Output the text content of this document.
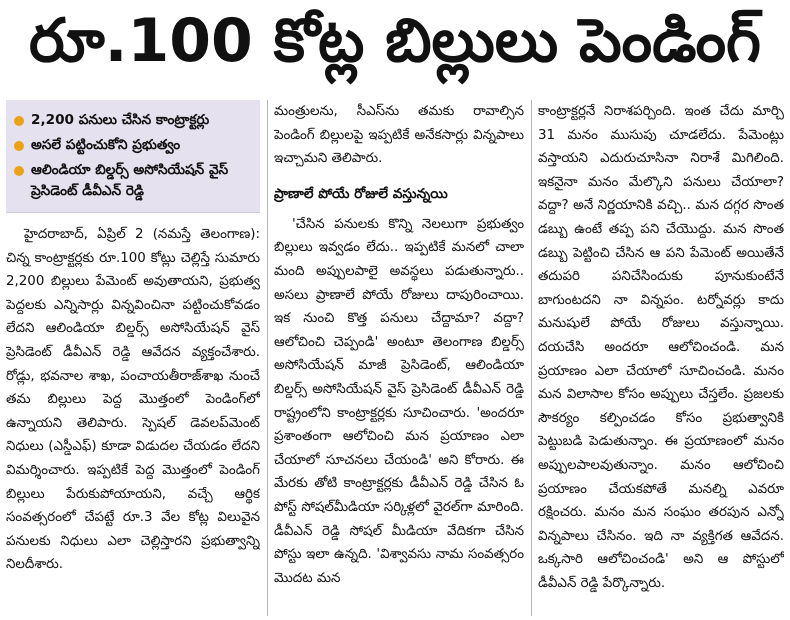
రూ.100 కోట్ల బిల్లులు పెండింగ్
2,200 పనులు చేసిన కాంట్రాక్టర్లు
అసలే పట్టించుకోని ప్రభుత్వం
ఆలిండియా బిల్డర్స్ అసోసియేషన్ వైస్ ప్రెసిడెంట్ డీవీఎన్ రెడ్డి

హైదరాబాద్, ఏప్రిల్ 2 (నమస్తే తెలంగాణ): చిన్న కాంట్రాక్టర్లకు రూ.100 కోట్లు చెల్లిస్తే సుమారు 2,200 బిల్లులు పేమెంట్ అవుతాయని, ప్రభుత్వ పెద్దలకు ఎన్నిసార్లు విన్నవించినా పట్టించుకోవడం లేదని ఆలిండియా బిల్డర్స్ అసోసియేషన్ వైస్ ప్రెసిడెంట్ డీవీఎన్ రెడ్డి ఆవేదన వ్యక్తంచేశారు. రోడ్లు, భవనాల శాఖ, పంచాయతీరాజ్‌శాఖ నుంచే తమ బిల్లులు పెద్ద మొత్తంలో పెండింగ్‌లో ఉన్నాయని తెలిపారు. స్పెషల్ డెవలప్‌మెంట్ నిధులు (ఎస్డీఎఫ్) కూడా విడుదల చేయడం లేదని విమర్శించారు. ఇప్పటికే పెద్ద మొత్తంలో పెండింగ్ బిల్లులు పేరుకుపోయాయని, వచ్చే ఆర్థిక సంవత్సరంలో చేపట్టే రూ.3 వేల కోట్ల విలువైన పనులకు నిధులు ఎలా చెల్లిస్తారని ప్రభుత్వాన్ని నిలదీశారు.

మంత్రులను, సీఎస్‌ను తమకు రావాల్సిన పెండింగ్ బిల్లులపై ఇప్పటికే అనేకసార్లు విన్నపాలు ఇచ్చామని తెలిపారు.

ప్రాణాలే పోయే రోజులే వస్తున్నయి

'చేసిన పనులకు కొన్ని నెలలుగా ప్రభుత్వం బిల్లులు ఇవ్వడం లేదు.. ఇప్పటికే మనలో చాలా మంది అప్పులపాలై అవస్థలు పడుతున్నారు.. అసలు ప్రాణాలే పోయే రోజులు దాపురించాయి. ఇక నుంచి కొత్త పనులు చేద్దామా? వద్దా? ఆలోచించి చెప్పండి' అంటూ తెలంగాణ బిల్డర్స్ అసోసియేషన్ మాజీ ప్రెసిడెంట్, ఆలిండియా బిల్డర్స్ అసోసియేషన్ వైస్ ప్రెసిడెంట్ డీవీఎన్ రెడ్డి రాష్ట్రంలోని కాంట్రాక్టర్లకు సూచించారు. 'అందరూ ప్రశాంతంగా ఆలోచించి మన ప్రయాణం ఎలా చేయాలో సూచనలు చేయండి' అని కోరారు. ఈ మేరకు తోటి కాంట్రాక్టర్లకు డీవీఎన్ రెడ్డి చేసిన ఓ పోస్ట్ సోషల్‌మీడియా సర్కిళ్లలో వైరల్‌గా మారింది. డీవీఎన్ రెడ్డి సోషల్ మీడియా వేదికగా చేసిన పోస్టు ఇలా ఉన్నది. 'విశ్వావసు నామ సంవత్సరం మొదట మన

కాంట్రాక్టర్లనే నిరాశపర్చింది. ఇంత చేదు మార్చి 31 మనం ముసుపు చూడలేదు. పేమెంట్లు వస్తాయని ఎదురుచూసినా నిరాశే మిగిలింది. ఇకనైనా మనం మేల్కొని పనులు చేయాలా? వద్దా? అనే నిర్ణయానికి వచ్చి.. మన దగ్గర సొంత డబ్బు ఉంటే తప్ప పని చేయొద్దు. మన సొంత డబ్బు పెట్టించి చేసిన ఆ పని పేమెంట్ అయితేనే తదుపరి పనిచేసిందుకు పూనుకుంటేనే బాగుంటదని నా విన్నపం. టర్నోవర్లు కాదు మనుషులే పోయే రోజులు వస్తున్నాయి. దయచేసి అందరూ ఆలోచించండి. మన ప్రయాణం ఎలా చేయాలో సూచించండి. మనం మన విలాసాల కోసం అప్పులు చేస్తలేం. ప్రజలకు సౌకర్యం కల్పించడం కోసం ప్రభుత్వానికి పెట్టుబడి పెడుతున్నాం. ఈ ప్రయాణంలో మనం అప్పులపాలవుతున్నాం. మనం ఆలోచించి ప్రయాణం చేయకపోతే మనల్ని ఎవరూ రక్షించరు. మనం మన సంఘం తరపున ఎన్నో విన్నపాలు చేసినం. ఇది నా వ్యక్తిగత ఆవేదన. ఒక్కసారి ఆలోచించండి' అని ఆ పోస్టులో డీవీఎన్ రెడ్డి పేర్కొన్నారు.
